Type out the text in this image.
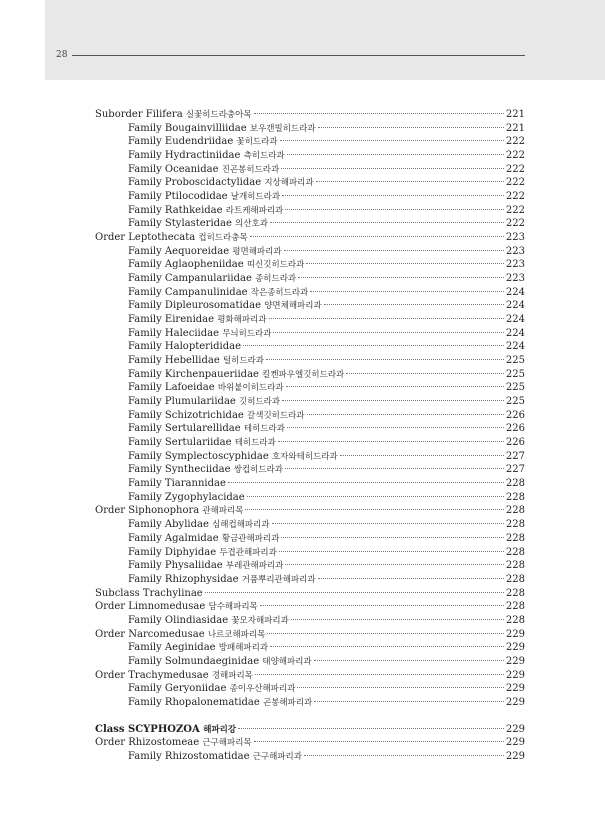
28
Suborder Filifera 실꽃히드라충아목	221
Family Bougainvilliidae 보우갠빌히드라과	221
Family Eudendriidae 꽃히드라과	222
Family Hydractiniidae 측히드라과	222
Family Oceanidae 진곤봉히드라과	222
Family Proboscidactylidae 지상해파리과	222
Family Ptilocodidae 날개히드라과	222
Family Rathkeidae 라트케해파리과	222
Family Stylasteridae 의산호과	222
Order Leptothecata 컵히드라충목	223
Family Aequoreidae 평면해파리과	223
Family Aglaopheniidae 띠신깃히드라과	223
Family Campanulariidae 종히드라과	223
Family Campanulinidae 작은종히드라과	224
Family Dipleurosomatidae 양면체해파리과	224
Family Eirenidae 평화해파리과	224
Family Haleciidae 무늬히드라과	224
Family Halopterididae	224
Family Hebellidae 털히드라과	225
Family Kirchenpaueriidae 킬켄파우엘깃히드라과	225
Family Lafoeidae 바위붙이히드라과	225
Family Plumulariidae 깃히드라과	225
Family Schizotrichidae 갈색깃히드라과	226
Family Sertularellidae 테히드라과	226
Family Sertulariidae 테히드라과	226
Family Symplectoscyphidae 호자와테히드라과	227
Family Syntheciidae 쌍컵히드라과	227
Family Tiarannidae	228
Family Zygophylacidae	228
Order Siphonophora 관해파리목	228
Family Abylidae 심해컵해파리과	228
Family Agalmidae 황금관해파리과	228
Family Diphyidae 두겹관해파리과	228
Family Physaliidae 부레관해파리과	228
Family Rhizophysidae 거품뿌리관해파리과	228
Subclass Trachylinae	228
Order Limnomedusae 담수해파리목	228
Family Olindiasidae 꽃모자해파리과	228
Order Narcomedusae 나르코해파리목	229
Family Aeginidae 방패해파리과	229
Family Solmundaeginidae 태양해파리과	229
Order Trachymedusae 경해파리목	229
Family Geryoniidae 종이우산해파리과	229
Family Rhopalonematidae 곤봉해파리과	229
Class SCYPHOZOA 해파리강	229
Order Rhizostomeae 근구해파리목	229
Family Rhizostomatidae 근구해파리과	229
